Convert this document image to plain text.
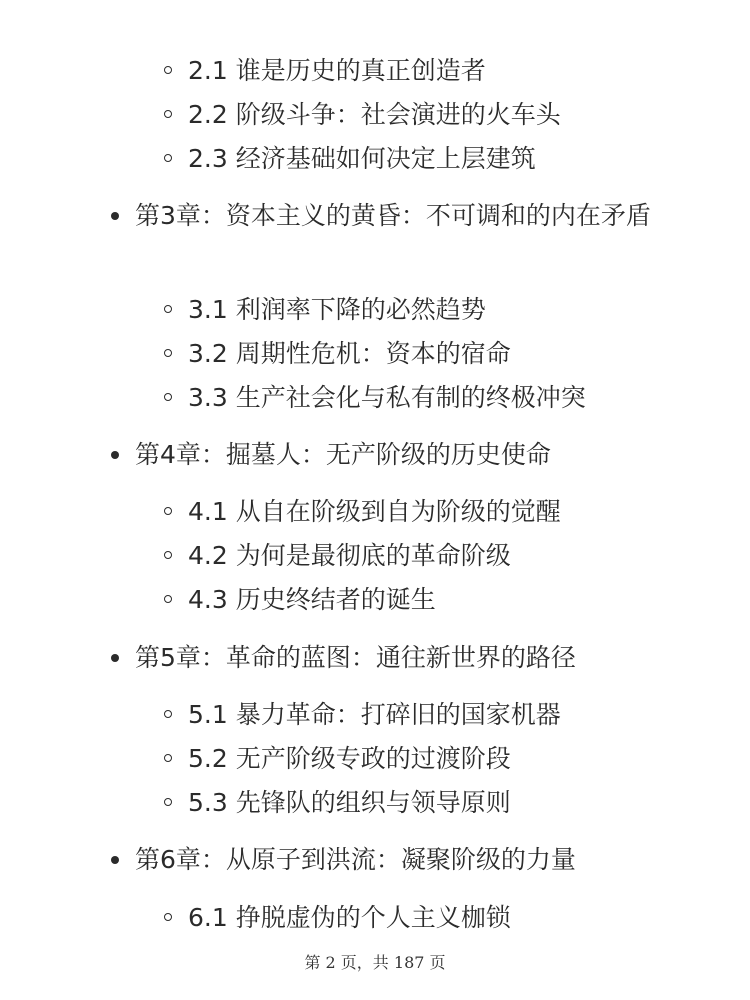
2.1 谁是历史的真正创造者
2.2 阶级斗争：社会演进的火车头
2.3 经济基础如何决定上层建筑
第3章：资本主义的黄昏：不可调和的内在矛盾
3.1 利润率下降的必然趋势
3.2 周期性危机：资本的宿命
3.3 生产社会化与私有制的终极冲突
第4章：掘墓人：无产阶级的历史使命
4.1 从自在阶级到自为阶级的觉醒
4.2 为何是最彻底的革命阶级
4.3 历史终结者的诞生
第5章：革命的蓝图：通往新世界的路径
5.1 暴力革命：打碎旧的国家机器
5.2 无产阶级专政的过渡阶段
5.3 先锋队的组织与领导原则
第6章：从原子到洪流：凝聚阶级的力量
6.1 挣脱虚伪的个人主义枷锁
第 2 页，共 187 页
